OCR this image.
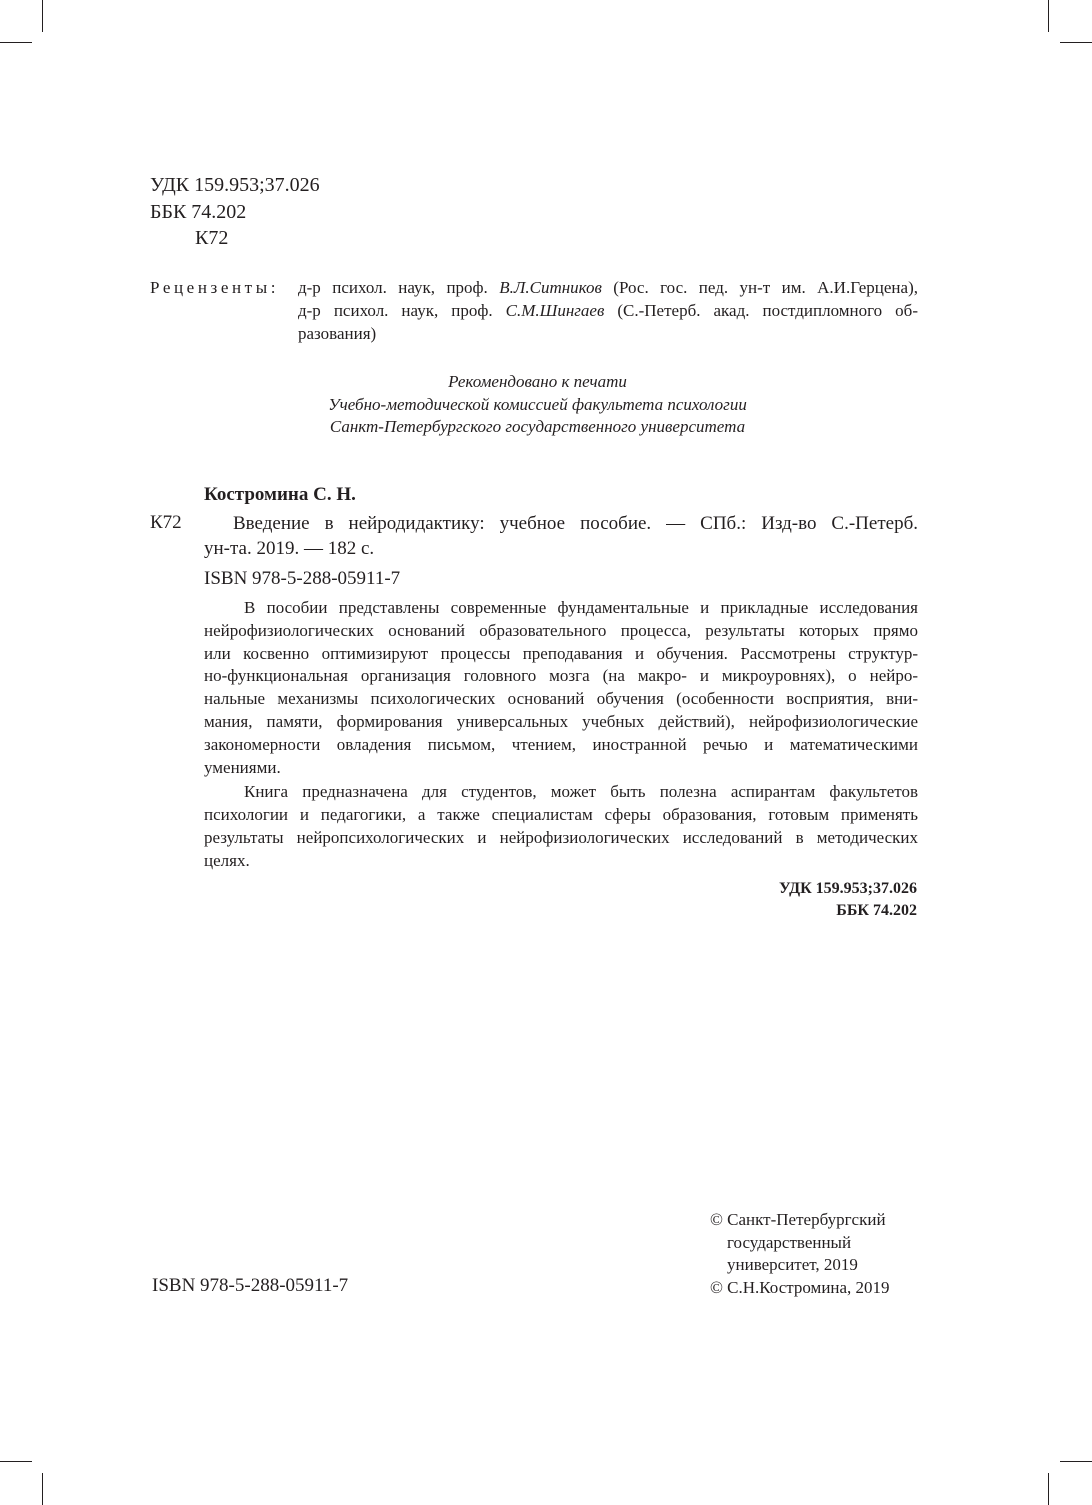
УДК 159.953;37.026
ББК 74.202
К72
Рецензенты: д-р психол. наук, проф. В.Л.Ситников (Рос. гос. пед. ун-т им. А.И.Герцена),
д-р психол. наук, проф. С.М.Шингаев (С.-Петерб. акад. постдипломного об-
разования)
Рекомендовано к печати
Учебно-методической комиссией факультета психологии
Санкт-Петербургского государственного университета
Костромина С. Н.
К72	Введение в нейродидактику: учебное пособие. — СПб.: Изд-во С.-Петерб.
ун-та. 2019. — 182 с.
ISBN 978-5-288-05911-7
В пособии представлены современные фундаментальные и прикладные исследования
нейрофизиологических оснований образовательного процесса, результаты которых прямо
или косвенно оптимизируют процессы преподавания и обучения. Рассмотрены структур-
но-функциональная организация головного мозга (на макро- и микроуровнях), о нейро-
нальные механизмы психологических оснований обучения (особенности восприятия, вни-
мания, памяти, формирования универсальных учебных действий), нейрофизиологические
закономерности овладения письмом, чтением, иностранной речью и математическими
умениями.
Книга предназначена для студентов, может быть полезна аспирантам факультетов
психологии и педагогики, а также специалистам сферы образования, готовым применять
результаты нейропсихологических и нейрофизиологических исследований в методических
целях.
УДК 159.953;37.026
ББК 74.202
© Санкт-Петербургский
государственный
университет, 2019
© С.Н.Костромина, 2019
ISBN 978-5-288-05911-7
